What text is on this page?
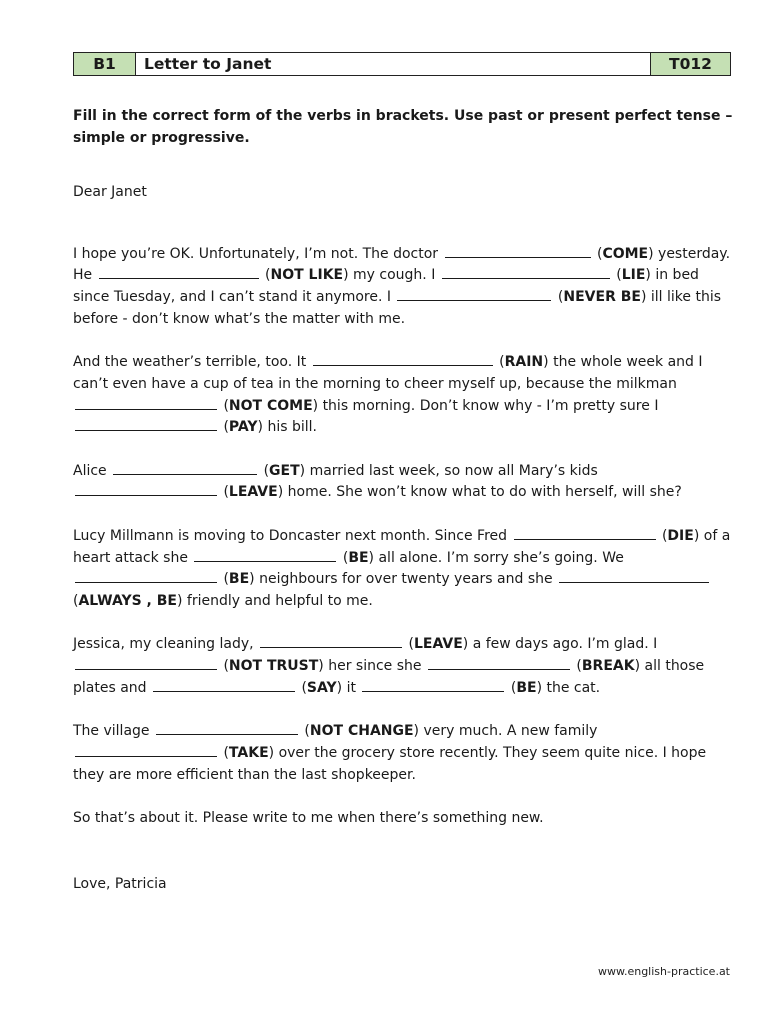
B1	Letter to Janet	T012
Fill in the correct form of the verbs in brackets. Use past or present perfect tense – simple or progressive.

Dear Janet

I hope you’re OK. Unfortunately, I’m not. The doctor	(COME) yesterday. He	(NOT LIKE) my cough. I	(LIE) in bed since Tuesday, and I can’t stand it anymore. I	(NEVER BE) ill like this before - don’t know what’s the matter with me.

And the weather’s terrible, too. It	(RAIN) the whole week and I can’t even have a cup of tea in the morning to cheer myself up, because the milkman  (NOT COME) this morning. Don’t know why - I’m pretty sure I  (PAY) his bill.

Alice	(GET) married last week, so now all Mary’s kids  (LEAVE) home. She won’t know what to do with herself, will she?

Lucy Millmann is moving to Doncaster next month. Since Fred	(DIE) of a heart attack she	(BE) all alone. I’m sorry she’s going. We  (BE) neighbours for over twenty years and she  (ALWAYS , BE) friendly and helpful to me.

Jessica, my cleaning lady,	(LEAVE) a few days ago. I’m glad. I  (NOT TRUST) her since she	(BREAK) all those plates and	(SAY) it	(BE) the cat.

The village	(NOT CHANGE) very much. A new family  (TAKE) over the grocery store recently. They seem quite nice. I hope they are more efficient than the last shopkeeper.

So that’s about it. Please write to me when there’s something new.

Love, Patricia

www.english-practice.at
